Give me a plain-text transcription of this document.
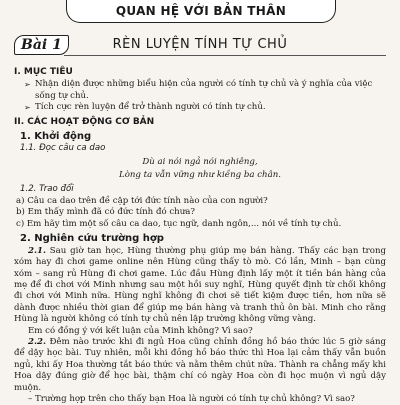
QUAN HỆ VỚI BẢN THÂN
Bài 1	RÈN LUYỆN TÍNH TỰ CHỦ
I. MỤC TIÊU
➢ Nhận diện được những biểu hiện của người có tính tự chủ và ý nghĩa của việc sống tự chủ.
➢ Tích cực rèn luyện để trở thành người có tính tự chủ.
II. CÁC HOẠT ĐỘNG CƠ BẢN
1. Khởi động
1.1. Đọc câu ca dao
Dù ai nói ngả nói nghiêng,
Lòng ta vẫn vững như kiềng ba chân.
1.2. Trao đổi
a) Câu ca dao trên đề cập tới đức tính nào của con người?
b) Em thấy mình đã có đức tính đó chưa?
c) Em hãy tìm một số câu ca dao, tục ngữ, danh ngôn,... nói về tính tự chủ.
2. Nghiên cứu trường hợp
2.1. Sau giờ tan học, Hùng thường phụ giúp mẹ bán hàng. Thấy các bạn trong xóm hay đi chơi game online nên Hùng cũng thấy tò mò. Có lần, Minh – bạn cùng xóm – sang rủ Hùng đi chơi game. Lúc đầu Hùng định lấy một ít tiền bán hàng của mẹ để đi chơi với Minh nhưng sau một hồi suy nghĩ, Hùng quyết định từ chối không đi chơi với Minh nữa. Hùng nghĩ không đi chơi sẽ tiết kiệm được tiền, hơn nữa sẽ dành được nhiều thời gian để giúp mẹ bán hàng và tranh thủ ôn bài. Minh cho rằng Hùng là người không có tính tự chủ nên lập trường không vững vàng.
Em có đồng ý với kết luận của Minh không? Vì sao?
2.2. Đêm nào trước khi đi ngủ Hoa cũng chỉnh đồng hồ báo thức lúc 5 giờ sáng để dậy học bài. Tuy nhiên, mỗi khi đồng hồ báo thức thì Hoa lại cảm thấy vẫn buồn ngủ, khi ấy Hoa thường tắt báo thức và nằm thêm chút nữa. Thành ra chẳng mấy khi Hoa dậy đúng giờ để học bài, thậm chí có ngày Hoa còn đi học muộn vì ngủ dậy muộn.
– Trường hợp trên cho thấy bạn Hoa là người có tính tự chủ không? Vì sao?
